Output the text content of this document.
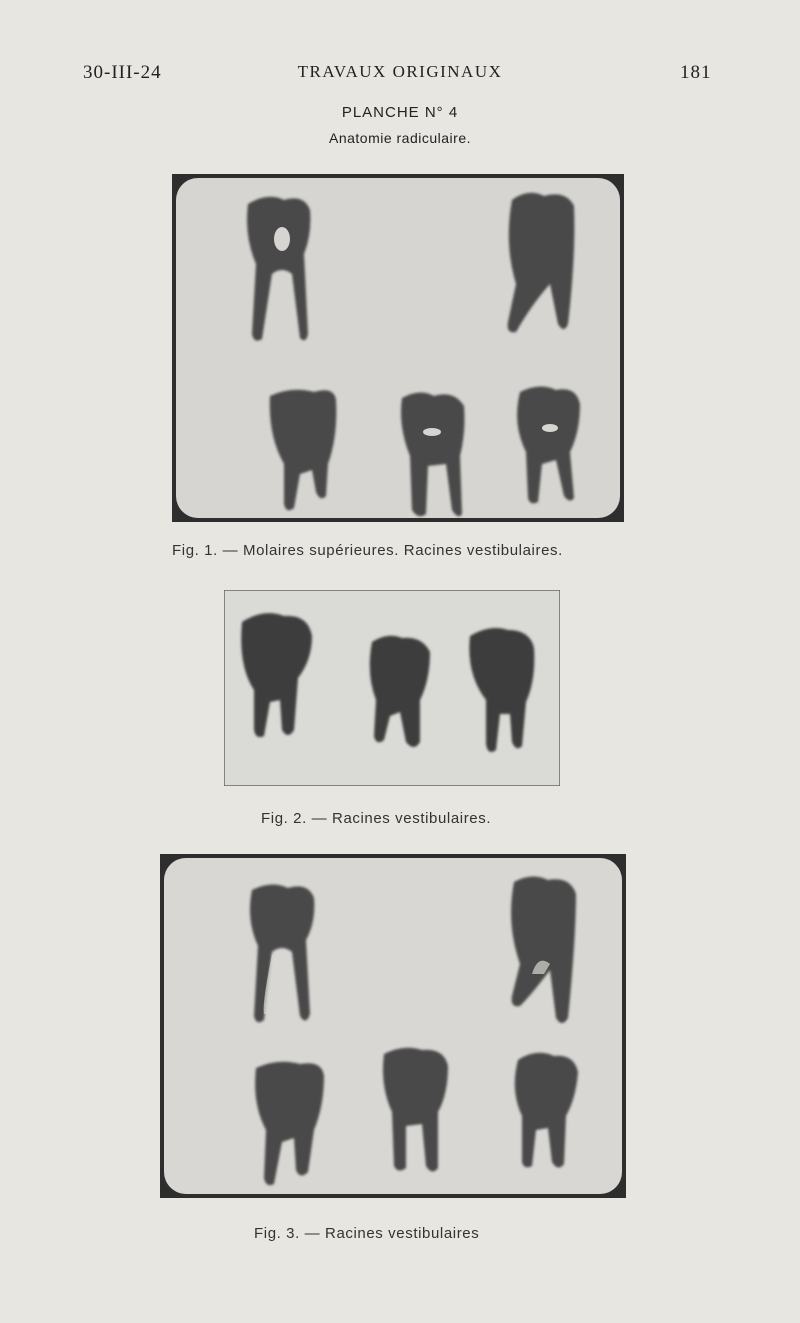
30-III-24	TRAVAUX ORIGINAUX	181
PLANCHE N° 4
Anatomie radiculaire.
Fig. 1. — Molaires supérieures. Racines vestibulaires.
Fig. 2. — Racines vestibulaires.
Fig. 3. — Racines vestibulaires
